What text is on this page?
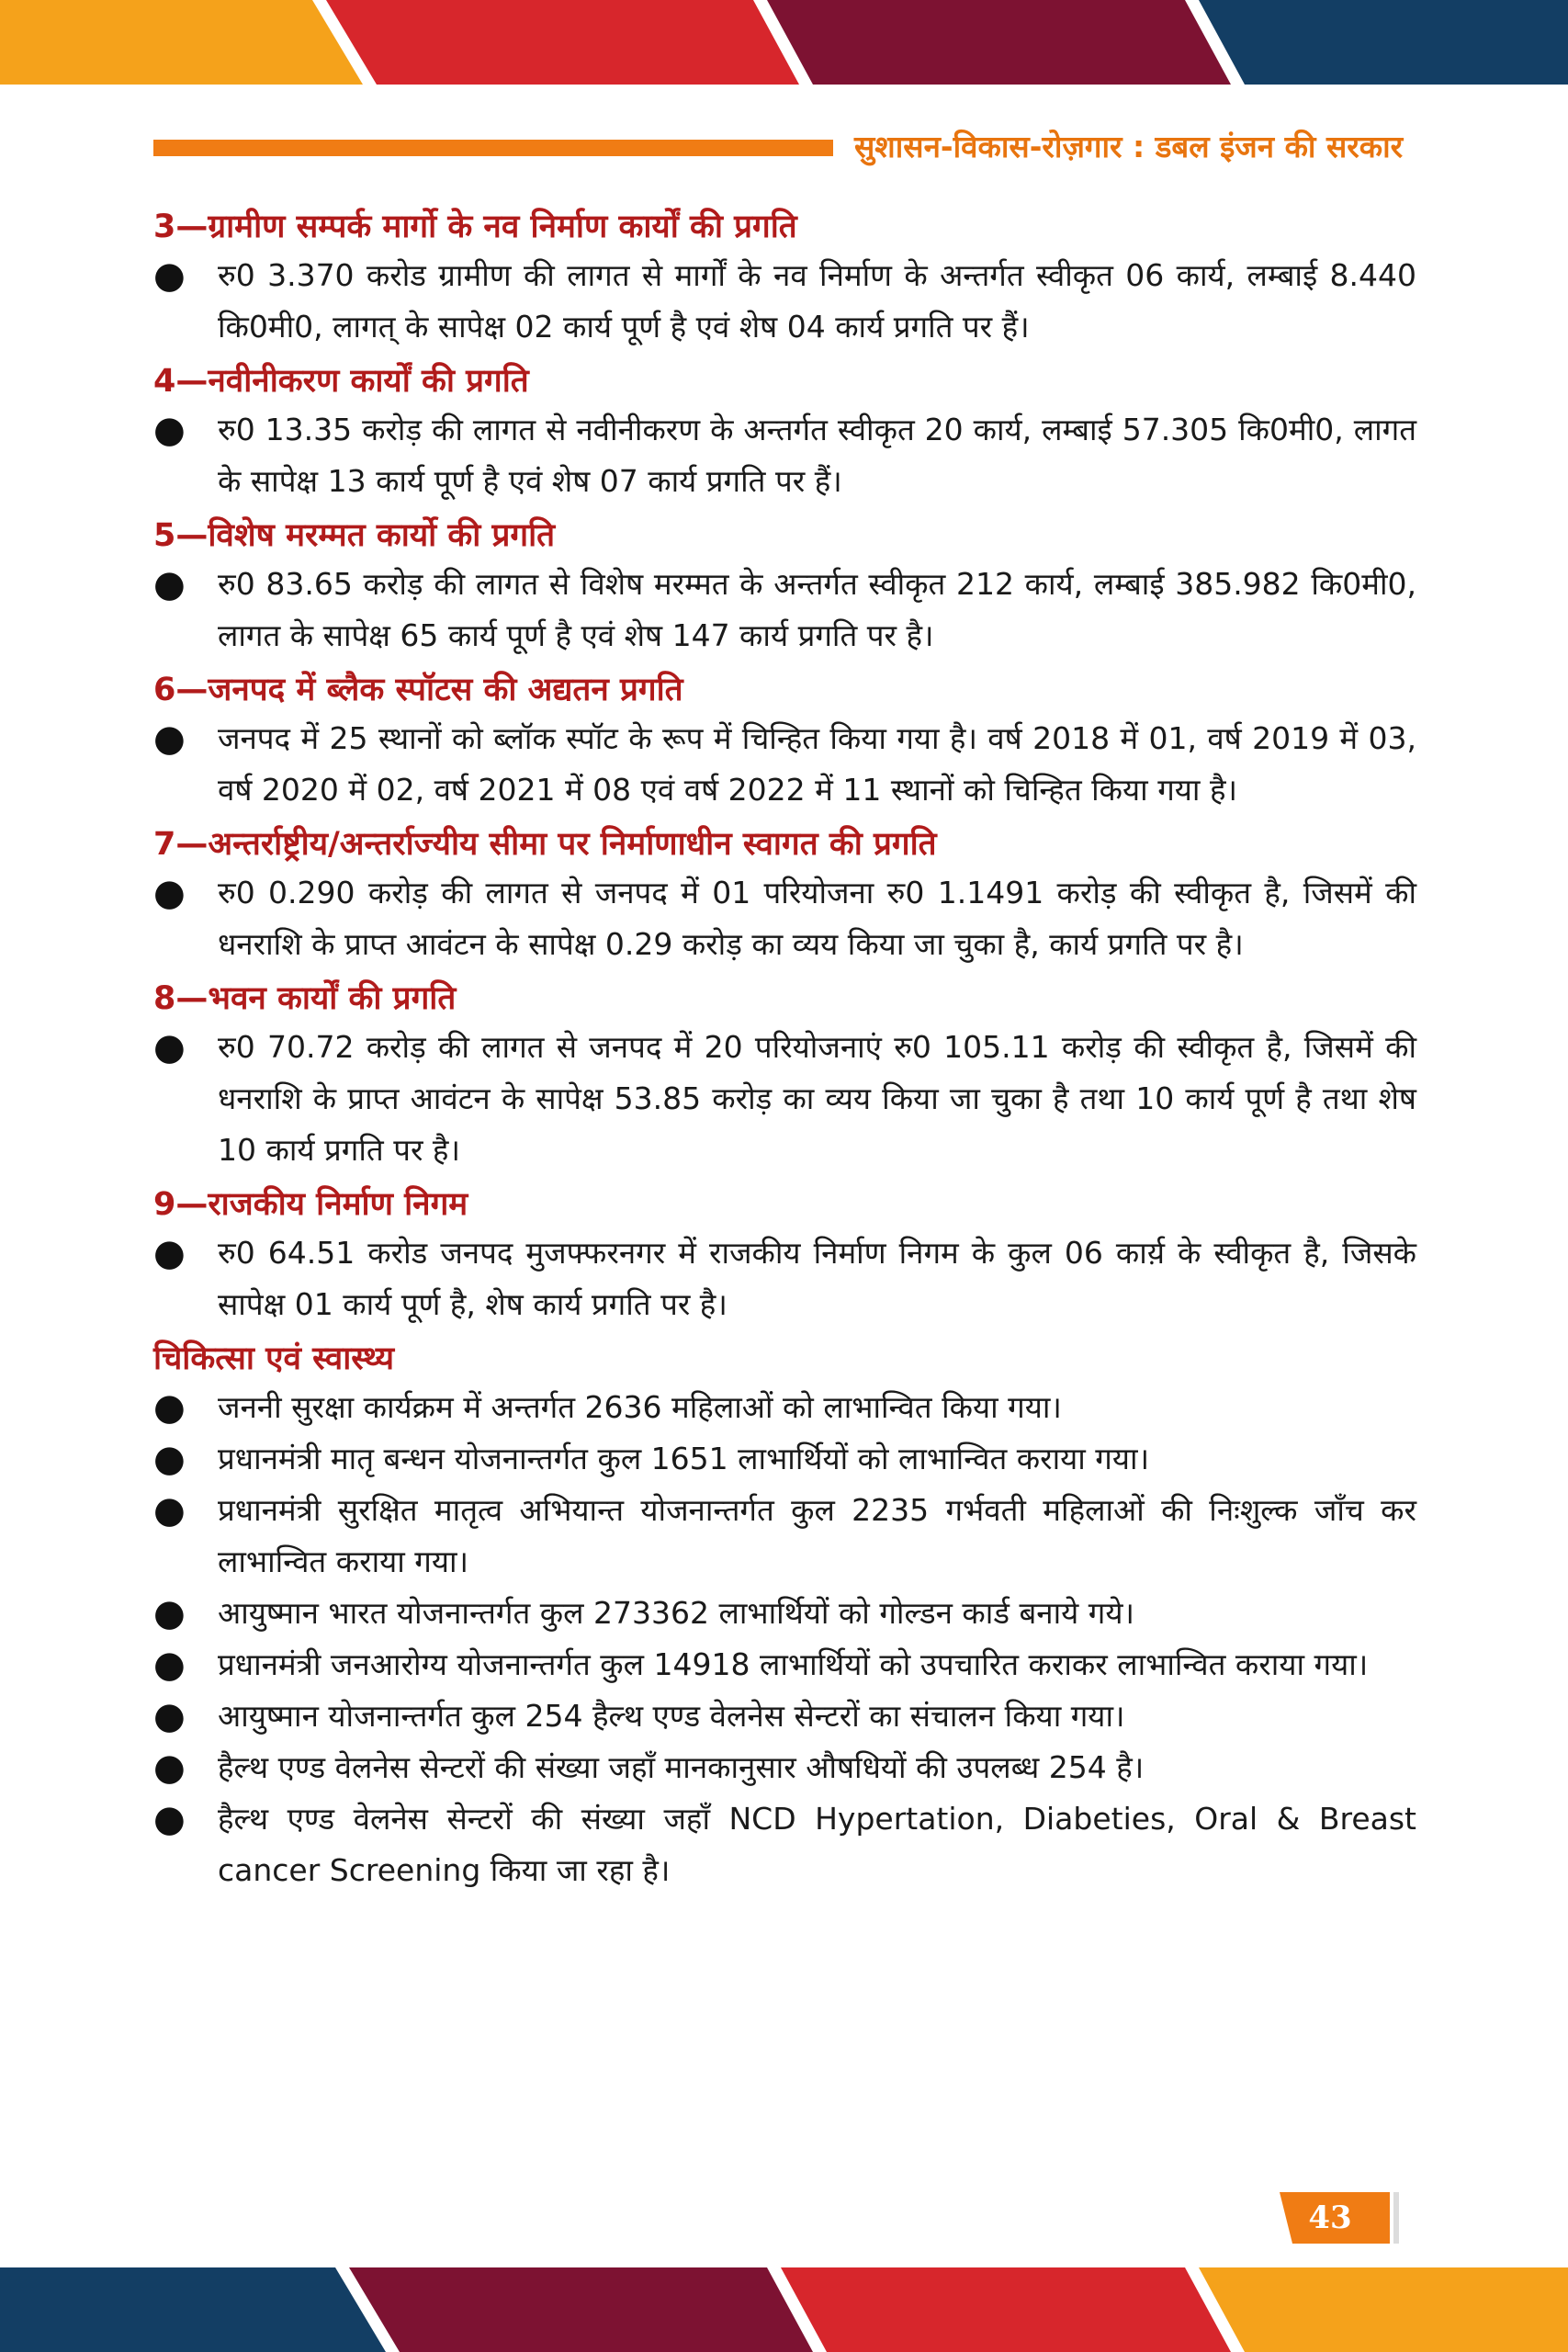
सुशासन-विकास-रोज़गार : डबल इंजन की सरकार
3—ग्रामीण सम्पर्क मार्गो के नव निर्माण कार्यों की प्रगति
●	रु0 3.370 करोड ग्रामीण की लागत से मार्गों के नव निर्माण के अन्तर्गत स्वीकृत 06 कार्य, लम्बाई 8.440 कि0मी0, लागत् के सापेक्ष 02 कार्य पूर्ण है एवं शेष 04 कार्य प्रगति पर हैं।
4—नवीनीकरण कार्यों की प्रगति
●	रु0 13.35 करोड़ की लागत से नवीनीकरण के अन्तर्गत स्वीकृत 20 कार्य, लम्बाई 57.305 कि0मी0, लागत के सापेक्ष 13 कार्य पूर्ण है एवं शेष 07 कार्य प्रगति पर हैं।
5—विशेष मरम्मत कार्यो की प्रगति
●	रु0 83.65 करोड़ की लागत से विशेष मरम्मत के अन्तर्गत स्वीकृत 212 कार्य, लम्बाई 385.982 कि0मी0, लागत के सापेक्ष 65 कार्य पूर्ण है एवं शेष 147 कार्य प्रगति पर है।
6—जनपद में ब्लैक स्पॉटस की अद्यतन प्रगति
●	जनपद में 25 स्थानों को ब्लॉक स्पॉट के रूप में चिन्हित किया गया है। वर्ष 2018 में 01, वर्ष 2019 में 03, वर्ष 2020 में 02, वर्ष 2021 में 08 एवं वर्ष 2022 में 11 स्थानों को चिन्हित किया गया है।
7—अन्तर्राष्ट्रीय/अन्तर्राज्यीय सीमा पर निर्माणाधीन स्वागत की प्रगति
●	रु0 0.290 करोड़ की लागत से जनपद में 01 परियोजना रु0 1.1491 करोड़ की स्वीकृत है, जिसमें की धनराशि के प्राप्त आवंटन के सापेक्ष 0.29 करोड़ का व्यय किया जा चुका है, कार्य प्रगति पर है।
8—भवन कार्यों की प्रगति
●	रु0 70.72 करोड़ की लागत से जनपद में 20 परियोजनाएं रु0 105.11 करोड़ की स्वीकृत है, जिसमें की धनराशि के प्राप्त आवंटन के सापेक्ष 53.85 करोड़ का व्यय किया जा चुका है तथा 10 कार्य पूर्ण है तथा शेष 10 कार्य प्रगति पर है।
9—राजकीय निर्माण निगम
●	रु0 64.51 करोड जनपद मुजफ्फरनगर में राजकीय निर्माण निगम के कुल 06 कार्य़ के स्वीकृत है, जिसके सापेक्ष 01 कार्य पूर्ण है, शेष कार्य प्रगति पर है।
चिकित्सा एवं स्वास्थ्य
●	जननी सुरक्षा कार्यक्रम में अन्तर्गत 2636 महिलाओं को लाभान्वित किया गया।
●	प्रधानमंत्री मातृ बन्धन योजनान्तर्गत कुल 1651 लाभार्थियों को लाभान्वित कराया गया।
●	प्रधानमंत्री सुरक्षित मातृत्व अभियान्त योजनान्तर्गत कुल 2235 गर्भवती महिलाओं की निःशुल्क जाँच कर लाभान्वित कराया गया।
●	आयुष्मान भारत योजनान्तर्गत कुल 273362 लाभार्थियों को गोल्डन कार्ड बनाये गये।
●	प्रधानमंत्री जनआरोग्य योजनान्तर्गत कुल 14918 लाभार्थियों को उपचारित कराकर लाभान्वित कराया गया।
●	आयुष्मान योजनान्तर्गत कुल 254 हैल्थ एण्ड वेलनेस सेन्टरों का संचालन किया गया।
●	हैल्थ एण्ड वेलनेस सेन्टरों की संख्या जहाँ मानकानुसार औषधियों की उपलब्ध 254 है।
●	हैल्थ एण्ड वेलनेस सेन्टरों की संख्या जहाँ NCD Hypertation, Diabeties, Oral & Breast cancer Screening किया जा रहा है।
43
